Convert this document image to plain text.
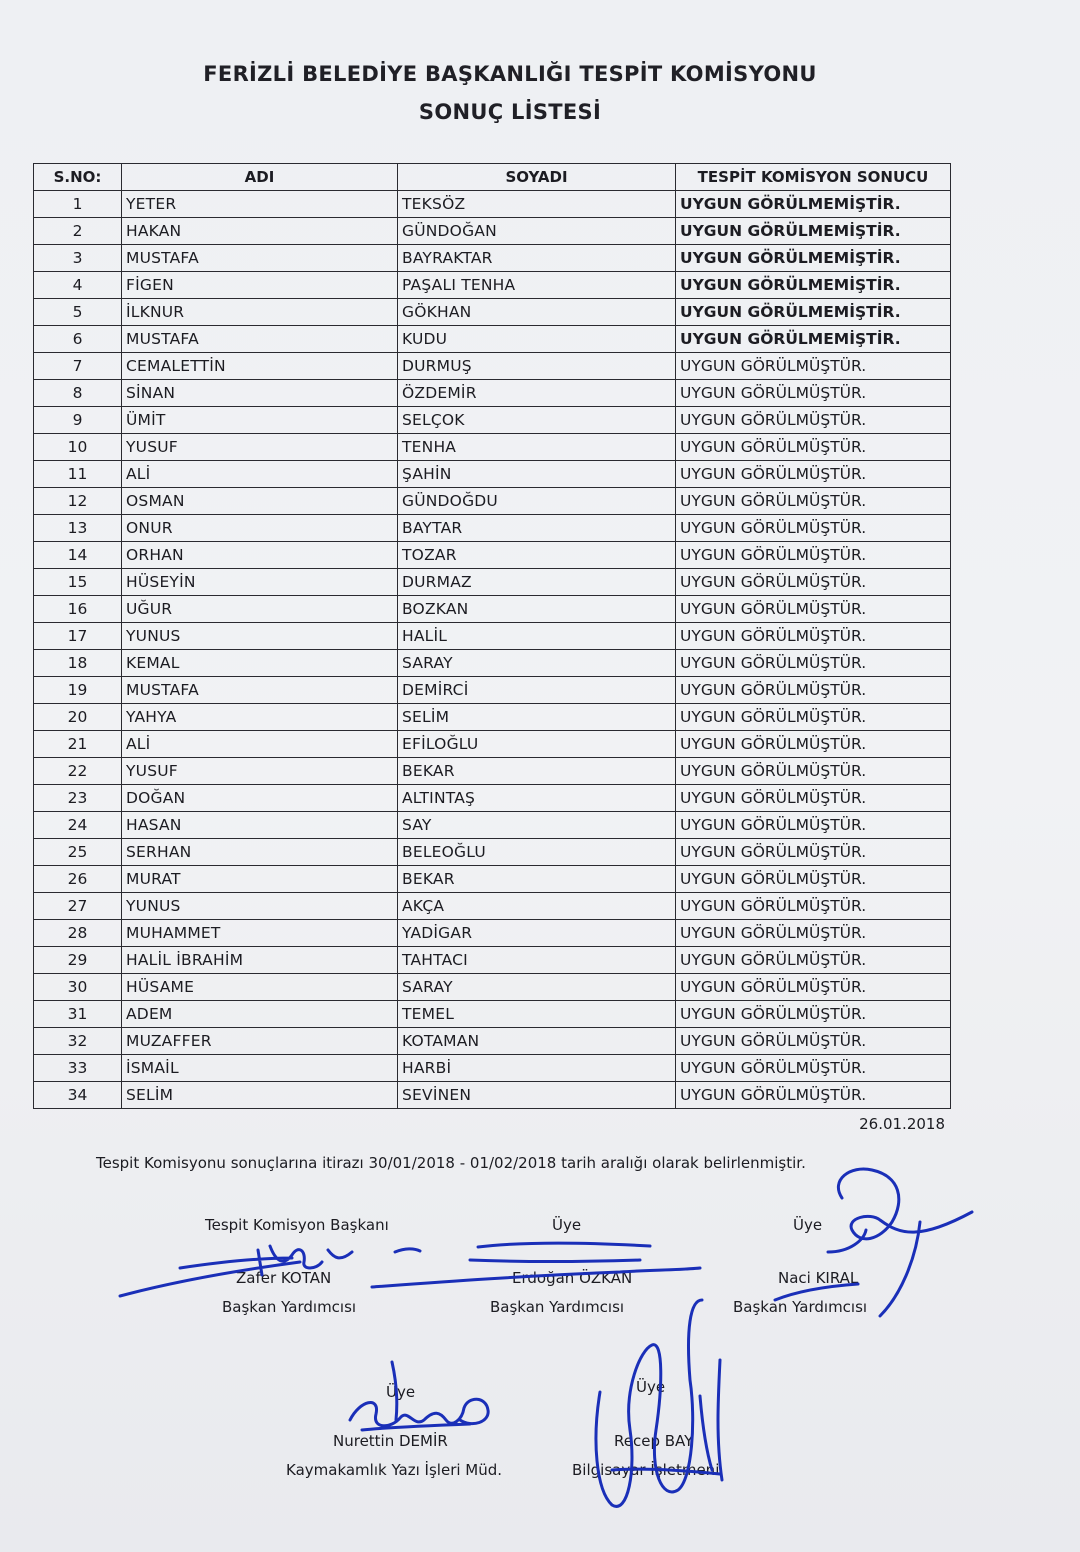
FERİZLİ BELEDİYE BAŞKANLIĞI TESPİT KOMİSYONU
SONUÇ LİSTESİ
S.NO:	ADI	SOYADI	TESPİT KOMİSYON SONUCU
1	YETER	TEKSÖZ	UYGUN GÖRÜLMEMİŞTİR.
2	HAKAN	GÜNDOĞAN	UYGUN GÖRÜLMEMİŞTİR.
3	MUSTAFA	BAYRAKTAR	UYGUN GÖRÜLMEMİŞTİR.
4	FİGEN	PAŞALI TENHA	UYGUN GÖRÜLMEMİŞTİR.
5	İLKNUR	GÖKHAN	UYGUN GÖRÜLMEMİŞTİR.
6	MUSTAFA	KUDU	UYGUN GÖRÜLMEMİŞTİR.
7	CEMALETTİN	DURMUŞ	UYGUN GÖRÜLMÜŞTÜR.
8	SİNAN	ÖZDEMİR	UYGUN GÖRÜLMÜŞTÜR.
9	ÜMİT	SELÇOK	UYGUN GÖRÜLMÜŞTÜR.
10	YUSUF	TENHA	UYGUN GÖRÜLMÜŞTÜR.
11	ALİ	ŞAHİN	UYGUN GÖRÜLMÜŞTÜR.
12	OSMAN	GÜNDOĞDU	UYGUN GÖRÜLMÜŞTÜR.
13	ONUR	BAYTAR	UYGUN GÖRÜLMÜŞTÜR.
14	ORHAN	TOZAR	UYGUN GÖRÜLMÜŞTÜR.
15	HÜSEYİN	DURMAZ	UYGUN GÖRÜLMÜŞTÜR.
16	UĞUR	BOZKAN	UYGUN GÖRÜLMÜŞTÜR.
17	YUNUS	HALİL	UYGUN GÖRÜLMÜŞTÜR.
18	KEMAL	SARAY	UYGUN GÖRÜLMÜŞTÜR.
19	MUSTAFA	DEMİRCİ	UYGUN GÖRÜLMÜŞTÜR.
20	YAHYA	SELİM	UYGUN GÖRÜLMÜŞTÜR.
21	ALİ	EFİLOĞLU	UYGUN GÖRÜLMÜŞTÜR.
22	YUSUF	BEKAR	UYGUN GÖRÜLMÜŞTÜR.
23	DOĞAN	ALTINTAŞ	UYGUN GÖRÜLMÜŞTÜR.
24	HASAN	SAY	UYGUN GÖRÜLMÜŞTÜR.
25	SERHAN	BELEOĞLU	UYGUN GÖRÜLMÜŞTÜR.
26	MURAT	BEKAR	UYGUN GÖRÜLMÜŞTÜR.
27	YUNUS	AKÇA	UYGUN GÖRÜLMÜŞTÜR.
28	MUHAMMET	YADİGAR	UYGUN GÖRÜLMÜŞTÜR.
29	HALİL İBRAHİM	TAHTACI	UYGUN GÖRÜLMÜŞTÜR.
30	HÜSAME	SARAY	UYGUN GÖRÜLMÜŞTÜR.
31	ADEM	TEMEL	UYGUN GÖRÜLMÜŞTÜR.
32	MUZAFFER	KOTAMAN	UYGUN GÖRÜLMÜŞTÜR.
33	İSMAİL	HARBİ	UYGUN GÖRÜLMÜŞTÜR.
34	SELİM	SEVİNEN	UYGUN GÖRÜLMÜŞTÜR.
26.01.2018
Tespit Komisyonu sonuçlarına itirazı 30/01/2018 - 01/02/2018 tarih aralığı olarak belirlenmiştir.
Tespit Komisyon Başkanı
Zafer KOTAN
Başkan Yardımcısı
Üye
Erdoğan ÖZKAN
Başkan Yardımcısı
Üye
Naci KIRAL
Başkan Yardımcısı
Üye
Nurettin DEMİR
Kaymakamlık Yazı İşleri Müd.
Üye
Recep BAY
Bilgisayar İşletmeni
